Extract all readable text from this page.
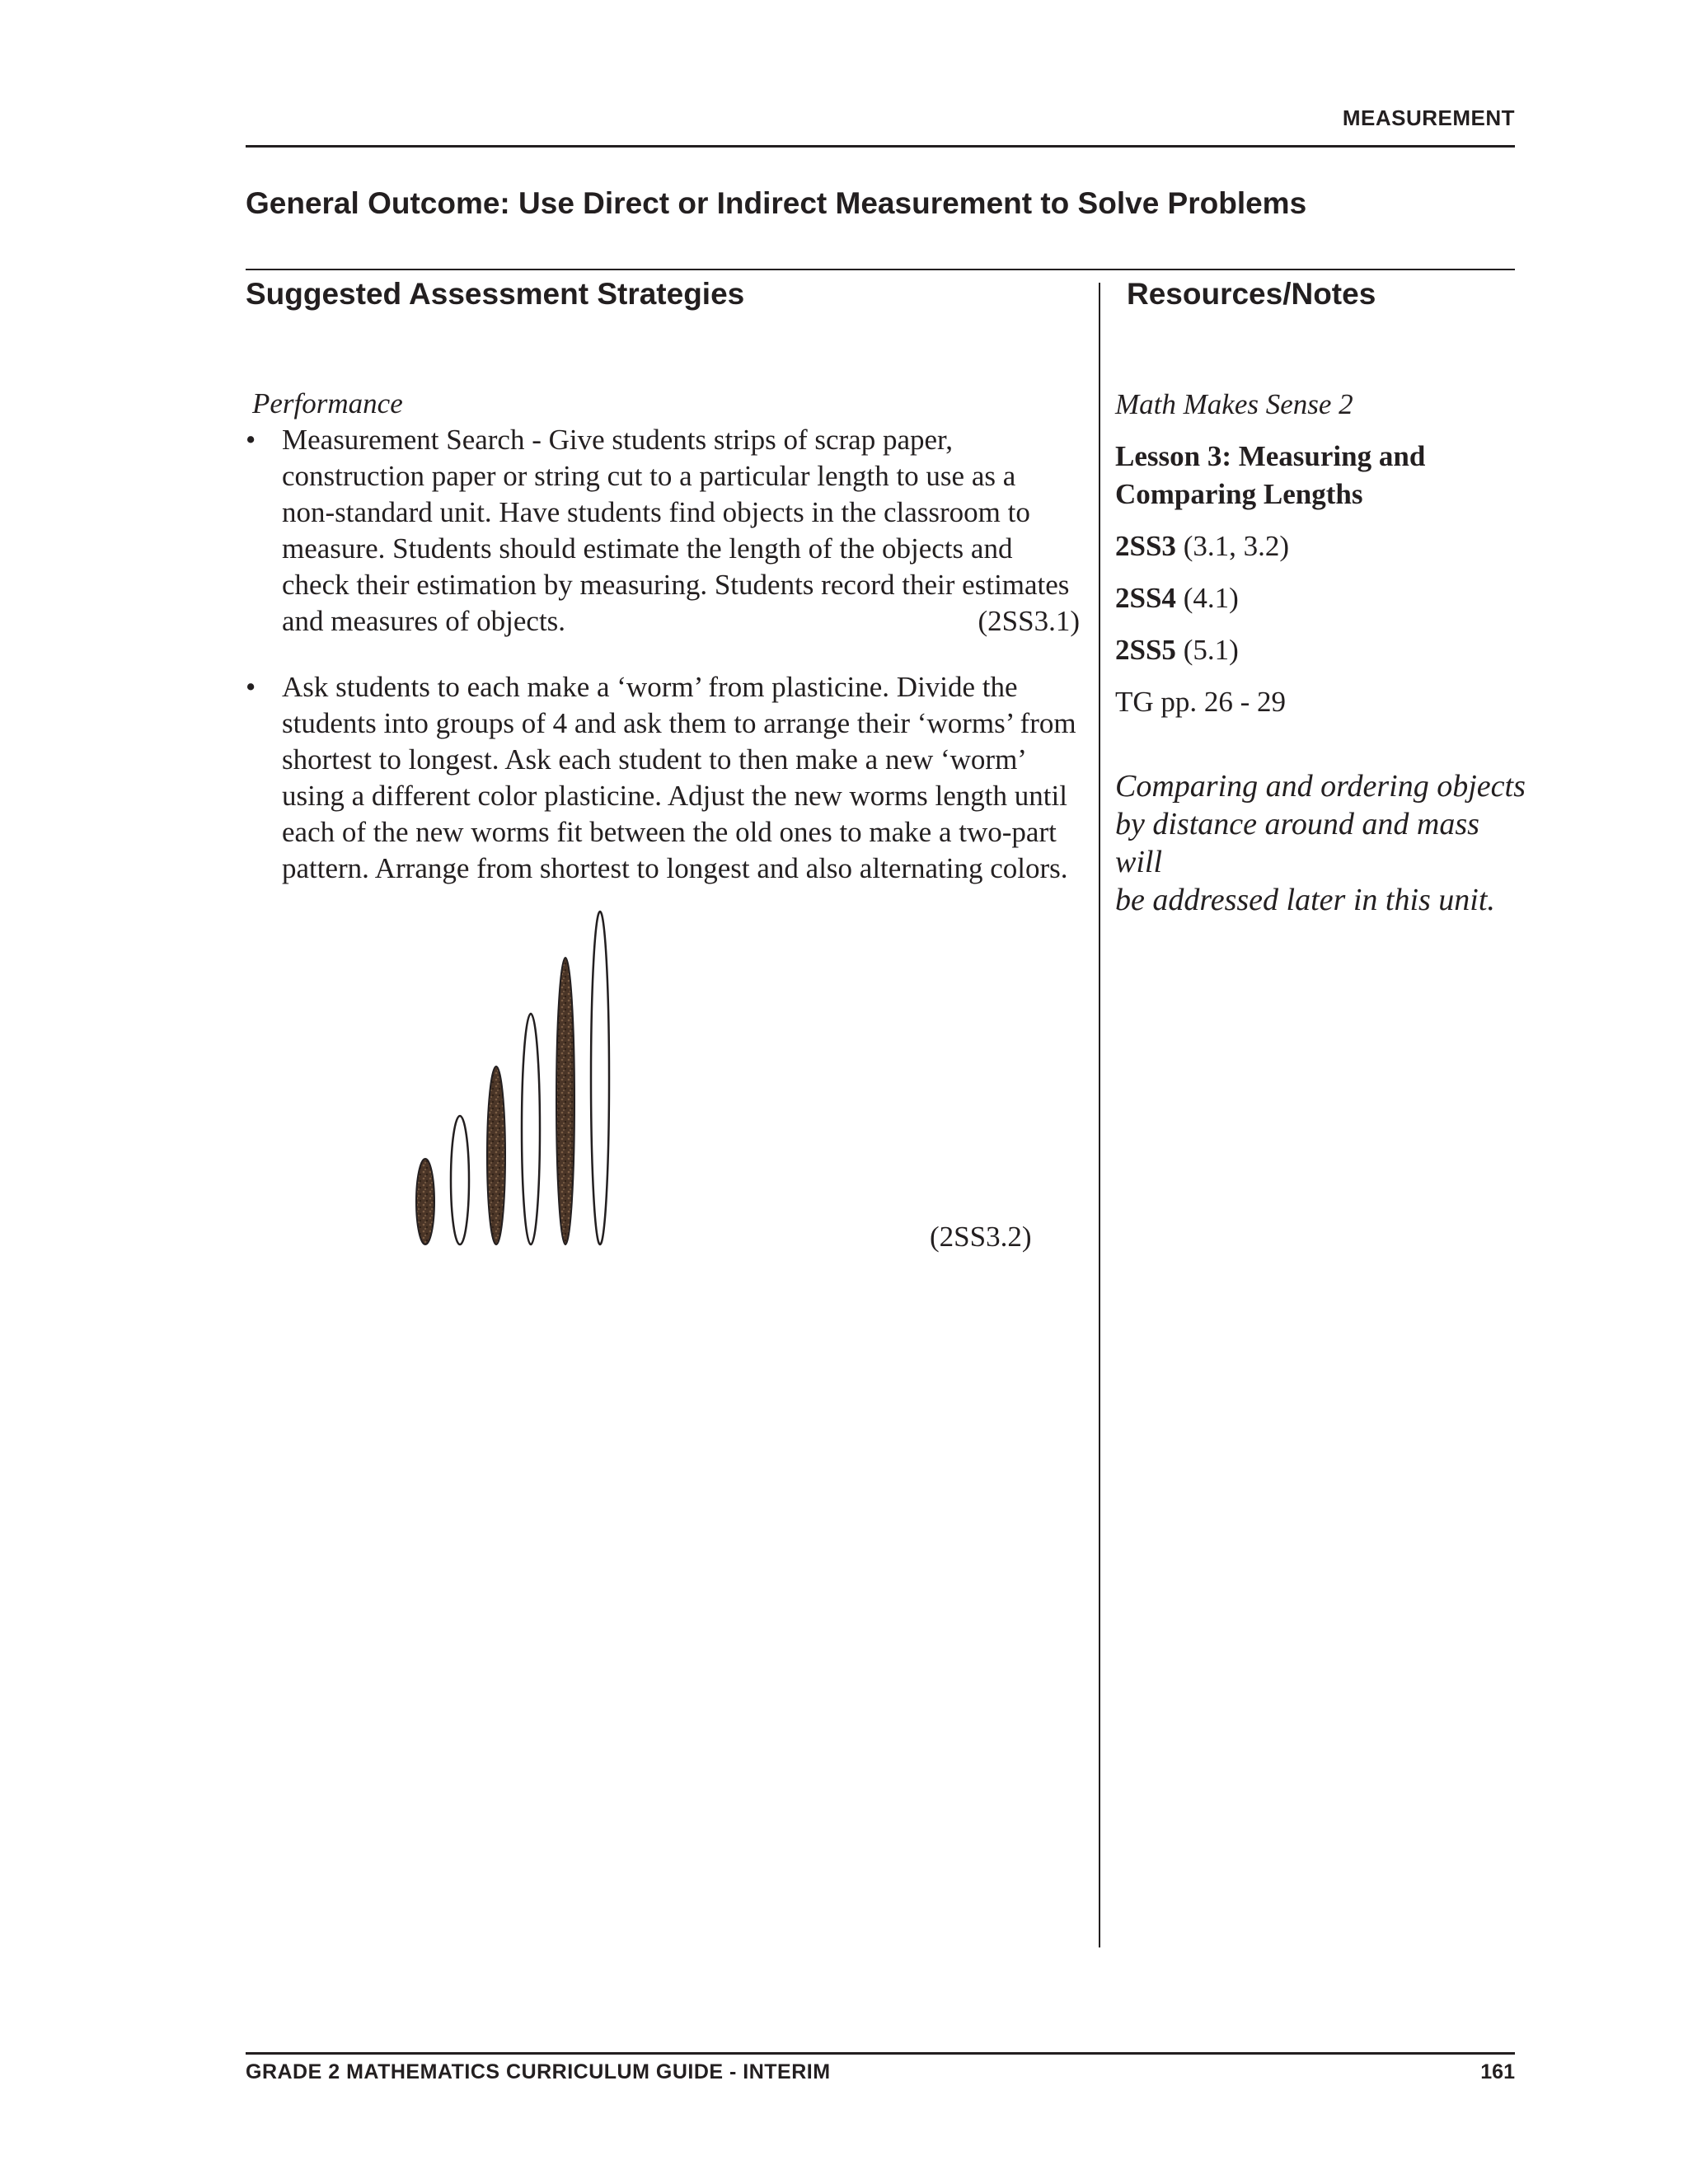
MEASUREMENT
General Outcome: Use Direct or Indirect Measurement to Solve Problems
Suggested Assessment Strategies	Resources/Notes
Performance
• Measurement Search - Give students strips of scrap paper,
construction paper or string cut to a particular length to use as a
non-standard unit. Have students find objects in the classroom to
measure. Students should estimate the length of the objects and
check their estimation by measuring. Students record their estimates
and measures of objects.	(2SS3.1)
• Ask students to each make a ‘worm’ from plasticine. Divide the
students into groups of 4 and ask them to arrange their ‘worms’ from
shortest to longest. Ask each student to then make a new ‘worm’
using a different color plasticine. Adjust the new worms length until
each of the new worms fit between the old ones to make a two-part
pattern. Arrange from shortest to longest and also alternating colors.
(2SS3.2)
Math Makes Sense 2
Lesson 3: Measuring and
Comparing Lengths
2SS3 (3.1, 3.2)
2SS4 (4.1)
2SS5 (5.1)
TG pp. 26 - 29
Comparing and ordering objects
by distance around and mass will
be addressed later in this unit.
GRADE 2 MATHEMATICS CURRICULUM GUIDE - INTERIM	161
